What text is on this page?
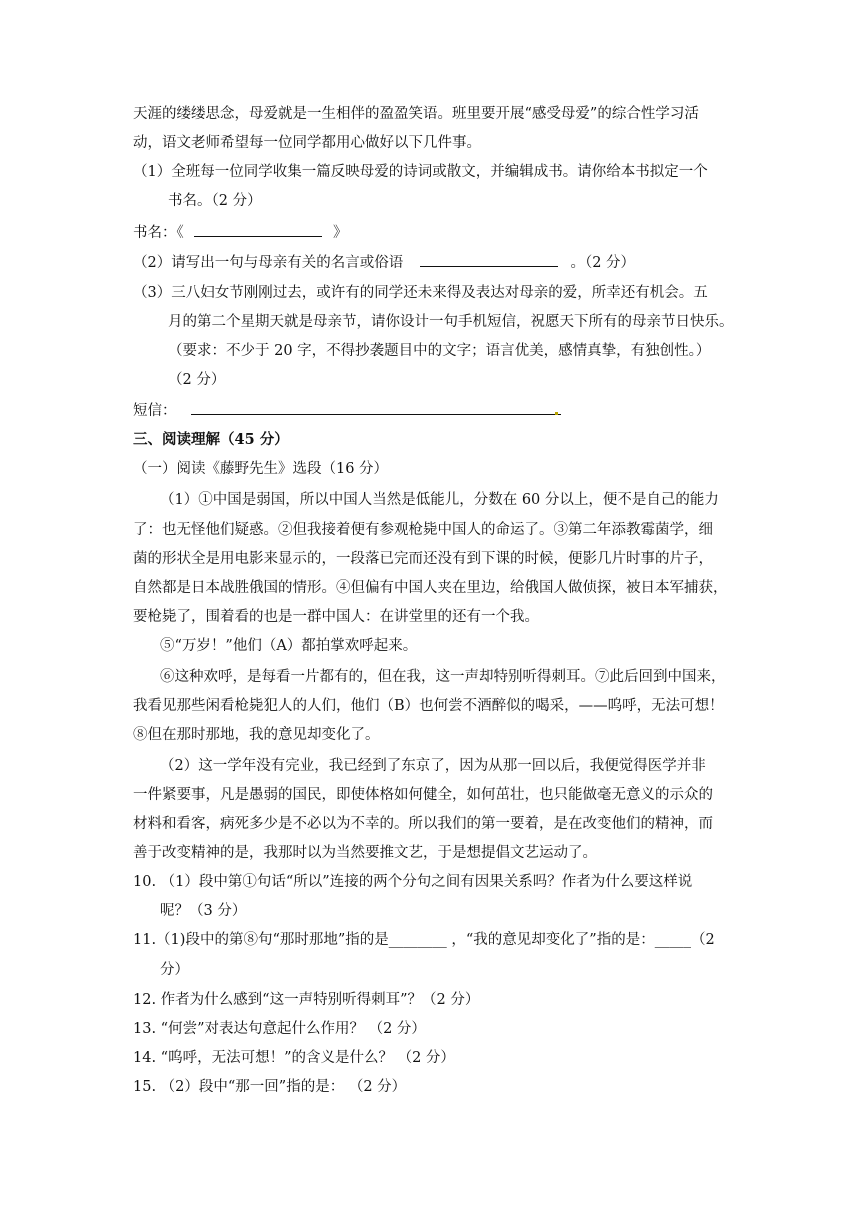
天涯的缕缕思念，母爱就是一生相伴的盈盈笑语。班里要开展“感受母爱”的综合性学习活
动，语文老师希望每一位同学都用心做好以下几件事。
（1）全班每一位同学收集一篇反映母爱的诗词或散文，并编辑成书。请你给本书拟定一个
书名。（2 分）
书名：《	》
（2）请写出一句与母亲有关的名言或俗语	。（2 分）
（3）三八妇女节刚刚过去，或许有的同学还未来得及表达对母亲的爱，所幸还有机会。五
月的第二个星期天就是母亲节，请你设计一句手机短信，祝愿天下所有的母亲节日快乐。
（要求：不少于 20 字，不得抄袭题目中的文字；语言优美，感情真挚，有独创性。）
（2 分）
短信：
三、阅读理解（45 分）
（一）阅读《藤野先生》选段（16 分）
（1）①中国是弱国，所以中国人当然是低能儿，分数在 60 分以上，便不是自己的能力
了：也无怪他们疑惑。②但我接着便有参观枪毙中国人的命运了。③第二年添教霉菌学，细
菌的形状全是用电影来显示的，一段落已完而还没有到下课的时候，便影几片时事的片子，
自然都是日本战胜俄国的情形。④但偏有中国人夹在里边，给俄国人做侦探，被日本军捕获，
要枪毙了，围着看的也是一群中国人：在讲堂里的还有一个我。
⑤“万岁！”他们（A）都拍掌欢呼起来。
⑥这种欢呼，是每看一片都有的，但在我，这一声却特别听得刺耳。⑦此后回到中国来，
我看见那些闲看枪毙犯人的人们，他们（B）也何尝不酒醉似的喝采，——呜呼，无法可想！
⑧但在那时那地，我的意见却变化了。
（2）这一学年没有完业，我已经到了东京了，因为从那一回以后，我便觉得医学并非
一件紧要事，凡是愚弱的国民，即使体格如何健全，如何茁壮，也只能做毫无意义的示众的
材料和看客，病死多少是不必以为不幸的。所以我们的第一要着，是在改变他们的精神，而
善于改变精神的是，我那时以为当然要推文艺，于是想提倡文艺运动了。
10. （1）段中第①句话“所以”连接的两个分句之间有因果关系吗？作者为什么要这样说
呢？（3 分）
11.（1)段中的第⑧句“那时那地”指的是________ ，“我的意见却变化了”指的是：_____（2
分）
12. 作者为什么感到“这一声特别听得刺耳”？（2 分）
13. “何尝”对表达句意起什么作用？ （2 分）
14. “呜呼，无法可想！”的含义是什么？ （2 分）
15. （2）段中“那一回”指的是： （2 分）
